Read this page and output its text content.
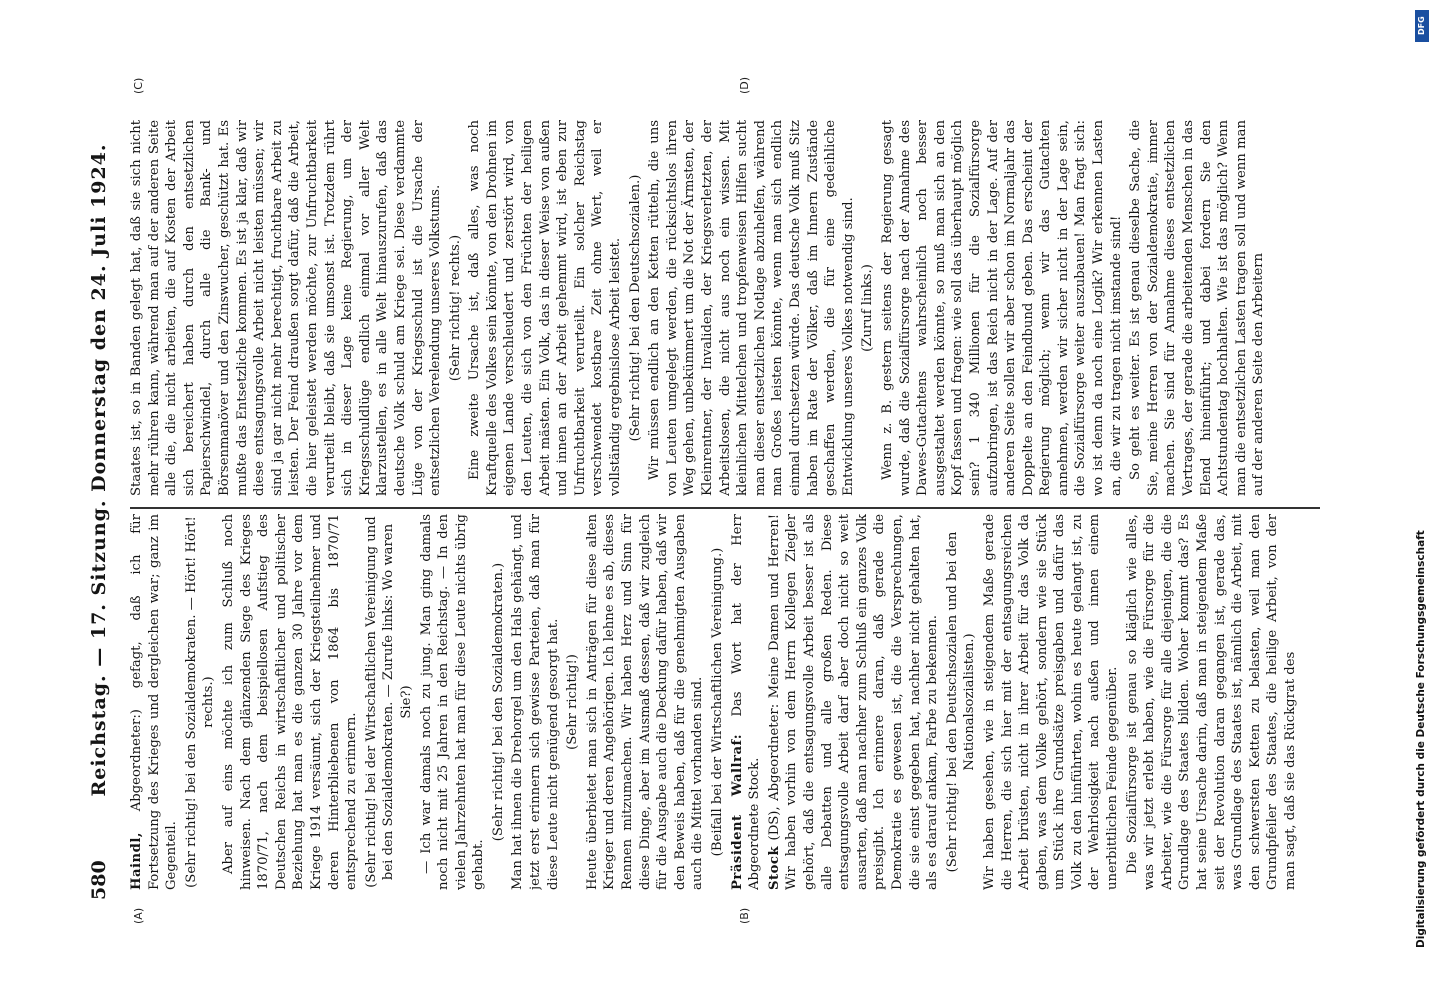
580
Reichstag. — 17. Sitzung. Donnerstag den 24. Juli 1924.
(A)	(B)
(C)	(D)

Haindl, Abgeordneter:) gefagt, daß ich für Fortsetzung des Krieges und dergleichen war; ganz im Gegenteil. (Sehr richtig! bei den Sozialdemokraten. — Hört! Hört! rechts.) Aber auf eins möchte ich zum Schluß noch hinweisen. Nach dem glänzenden Siege des Krieges 1870/71, nach dem beispiellosen Aufstieg des Deutschen Reichs in wirtschaftlicher und politischer Beziehung hat man es die ganzen 30 Jahre vor dem Kriege 1914 versäumt, sich der Kriegsteilnehmer und deren Hinterbliebenen von 1864 bis 1870/71 entsprechend zu erinnern. (Sehr richtig! bei der Wirtschaftlichen Vereinigung und bei den Sozialdemokraten. — Zurufe links: Wo waren Sie?) — Ich war damals noch zu jung. Man ging damals noch nicht mit 25 Jahren in den Reichstag. — In den vielen Jahrzehnten hat man für diese Leute nichts übrig gehabt.

(Sehr richtig! bei den Sozialdemokraten.) Man hat ihnen die Drehorgel um den Hals gehängt, und jetzt erst erinnern sich gewisse Parteien, daß man für diese Leute nicht genügend gesorgt hat. (Sehr richtig!) Heute überbietet man sich in Anträgen für diese alten Krieger und deren Angehörigen. Ich lehne es ab, dieses Rennen mitzumachen. Wir haben Herz und Sinn für diese Dinge, aber im Ausmaß dessen, daß wir zugleich für die Ausgabe auch die Deckung dafür haben, daß wir den Beweis haben, daß für die genehmigten Ausgaben auch die Mittel vorhanden sind. (Beifall bei der Wirtschaftlichen Vereinigung.) Präsident Wallraf: Das Wort hat der Herr Abgeordnete Stock. Stock (DS), Abgeordneter: Meine Damen und Herren! Wir haben vorhin von dem Herrn Kollegen Ziegler gehört, daß die entsagungsvolle Arbeit besser ist als alle Debatten und alle großen Reden. Diese entsagungsvolle Arbeit darf aber doch nicht so weit ausarten, daß man nachher zum Schluß ein ganzes Volk preisgibt. Ich erinnere daran, daß gerade die Demokratie es gewesen ist, die die Versprechungen, die sie einst gegeben hat, nachher nicht gehalten hat, als es darauf ankam, Farbe zu bekennen. (Sehr richtig! bei den Deutschsozialen und bei den Nationalsozialisten.) Wir haben gesehen, wie in steigendem Maße gerade die Herren, die sich hier mit der entsagungsreichen Arbeit brüsten, nicht in ihrer Arbeit für das Volk da gaben, was dem Volke gehört, sondern wie sie Stück um Stück ihre Grundsätze preisgaben und dafür das Volk zu den hinführten, wohin es heute gelangt ist, zu der Wehrlosigkeit nach außen und innen einem unerbittlichen Feinde gegenüber. Die Sozialfürsorge ist genau so kläglich wie alles, was wir jetzt erlebt haben, wie die Fürsorge für die Arbeiter, wie die Fürsorge für alle diejenigen, die die Grundlage des Staates bilden. Woher kommt das? Es hat seine Ursache darin, daß man in steigendem Maße seit der Revolution daran gegangen ist, gerade das, was Grundlage des Staates ist, nämlich die Arbeit, mit den schwersten Ketten zu belasten, weil man den Grundpfeiler des Staates, die heilige Arbeit, von der man sagt, daß sie das Rückgrat des

Staates ist, so in Banden gelegt hat, daß sie sich nicht mehr rühren kann, während man auf der anderen Seite alle die, die nicht arbeiten, die auf Kosten der Arbeit sich bereichert haben durch den entsetzlichen Papierschwindel, durch alle die Bank- und Börsenmanöver und den Zinswucher, geschützt hat. Es mußte das Entsetzliche kommen. Es ist ja klar, daß wir diese entsagungsvolle Arbeit nicht leisten müssen; wir sind ja gar nicht mehr berechtigt, fruchtbare Arbeit zu leisten. Der Feind draußen sorgt dafür, daß die Arbeit, die hier geleistet werden möchte, zur Unfruchtbarkeit verurteilt bleibt, daß sie umsonst ist. Trotzdem rührt sich in dieser Lage keine Regierung, um der Kriegsschuldlüge endlich einmal vor aller Welt klarzustellen, es in alle Welt hinauszurufen, daß das deutsche Volk schuld am Kriege sei. Diese verdammte Lüge von der Kriegsschuld ist die Ursache der entsetzlichen Verelendung unseres Volkstums. (Sehr richtig! rechts.) Eine zweite Ursache ist, daß alles, was noch Kraftquelle des Volkes sein könnte, von den Drohnen im eigenen Lande verschleudert und zerstört wird, von den Leuten, die sich von den Früchten der heiligen Arbeit mästen. Ein Volk, das in dieser Weise von außen und innen an der Arbeit gehemmt wird, ist eben zur Unfruchtbarkeit verurteilt. Ein solcher Reichstag verschwendet kostbare Zeit ohne Wert, weil er vollständig ergebnislose Arbeit leistet. (Sehr richtig! bei den Deutschsozialen.) Wir müssen endlich an den Ketten rütteln, die uns von Leuten umgelegt werden, die rücksichtslos ihren Weg gehen, unbekümmert um die Not der Ärmsten, der Kleinrentner, der Invaliden, der Kriegsverletzten, der Arbeitslosen, die nicht aus noch ein wissen. Mit kleinlichen Mittelchen und tropfenweisen Hilfen sucht man dieser entsetzlichen Notlage abzuhelfen, während man Großes leisten könnte, wenn man sich endlich einmal durchsetzen würde. Das deutsche Volk muß Sitz haben im Rate der Völker, daß im Innern Zustände geschaffen werden, die für eine gedeihliche Entwicklung unseres Volkes notwendig sind. (Zuruf links.) Wenn z. B. gestern seitens der Regierung gesagt wurde, daß die Sozialfürsorge nach der Annahme des Dawes-Gutachtens wahrscheinlich noch besser ausgestaltet werden könnte, so muß man sich an den Kopf fassen und fragen: wie soll das überhaupt möglich sein? 1 340 Millionen für die Sozialfürsorge aufzubringen, ist das Reich nicht in der Lage. Auf der anderen Seite sollen wir aber schon im Normaljahr das Doppelte an den Feindbund geben. Das erscheint der Regierung möglich; wenn wir das Gutachten annehmen, werden wir sicher nicht in der Lage sein, die Sozialfürsorge weiter auszubauen! Man fragt sich: wo ist denn da noch eine Logik? Wir erkennen Lasten an, die wir zu tragen nicht imstande sind! So geht es weiter. Es ist genau dieselbe Sache, die Sie, meine Herren von der Sozialdemokratie, immer machen. Sie sind für Annahme dieses entsetzlichen Vertrages, der gerade die arbeitenden Menschen in das Elend hineinführt; und dabei fordern Sie den Achtstundentag hochhalten. Wie ist das möglich? Wenn man die entsetzlichen Lasten tragen soll und wenn man auf der anderen Seite den Arbeitern

DFG
Digitalisierung gefördert durch die Deutsche Forschungsgemeinschaft
